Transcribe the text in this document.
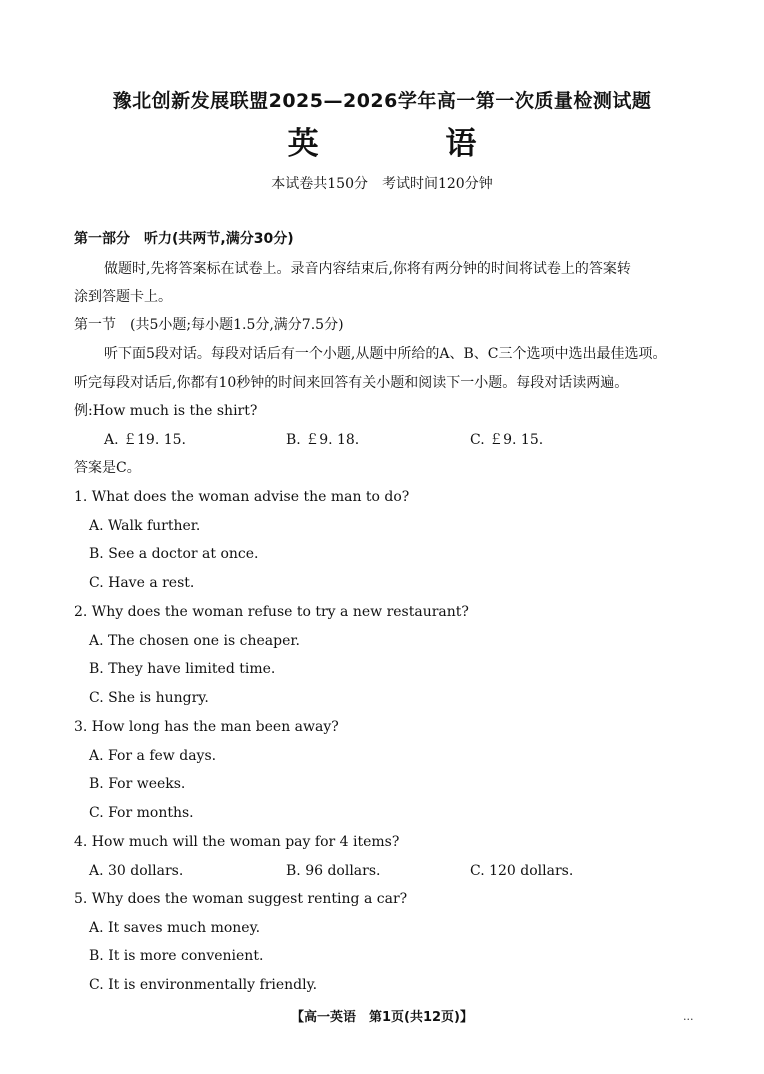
豫北创新发展联盟2025—2026学年高一第一次质量检测试题
英 语
本试卷共150分　考试时间120分钟
第一部分　听力(共两节,满分30分)
做题时,先将答案标在试卷上。录音内容结束后,你将有两分钟的时间将试卷上的答案转
涂到答题卡上。
第一节　(共5小题;每小题1.5分,满分7.5分)
听下面5段对话。每段对话后有一个小题,从题中所给的A、B、C三个选项中选出最佳选项。
听完每段对话后,你都有10秒钟的时间来回答有关小题和阅读下一小题。每段对话读两遍。
例:How much is the shirt?
A. ￡19. 15.	B. ￡9. 18.	C. ￡9. 15.
答案是C。
1. What does the woman advise the man to do?
A. Walk further.
B. See a doctor at once.
C. Have a rest.
2. Why does the woman refuse to try a new restaurant?
A. The chosen one is cheaper.
B. They have limited time.
C. She is hungry.
3. How long has the man been away?
A. For a few days.
B. For weeks.
C. For months.
4. How much will the woman pay for 4 items?
A. 30 dollars.	B. 96 dollars.	C. 120 dollars.
5. Why does the woman suggest renting a car?
A. It saves much money.
B. It is more convenient.
C. It is environmentally friendly.
【高一英语　第1页(共12页)】	...
